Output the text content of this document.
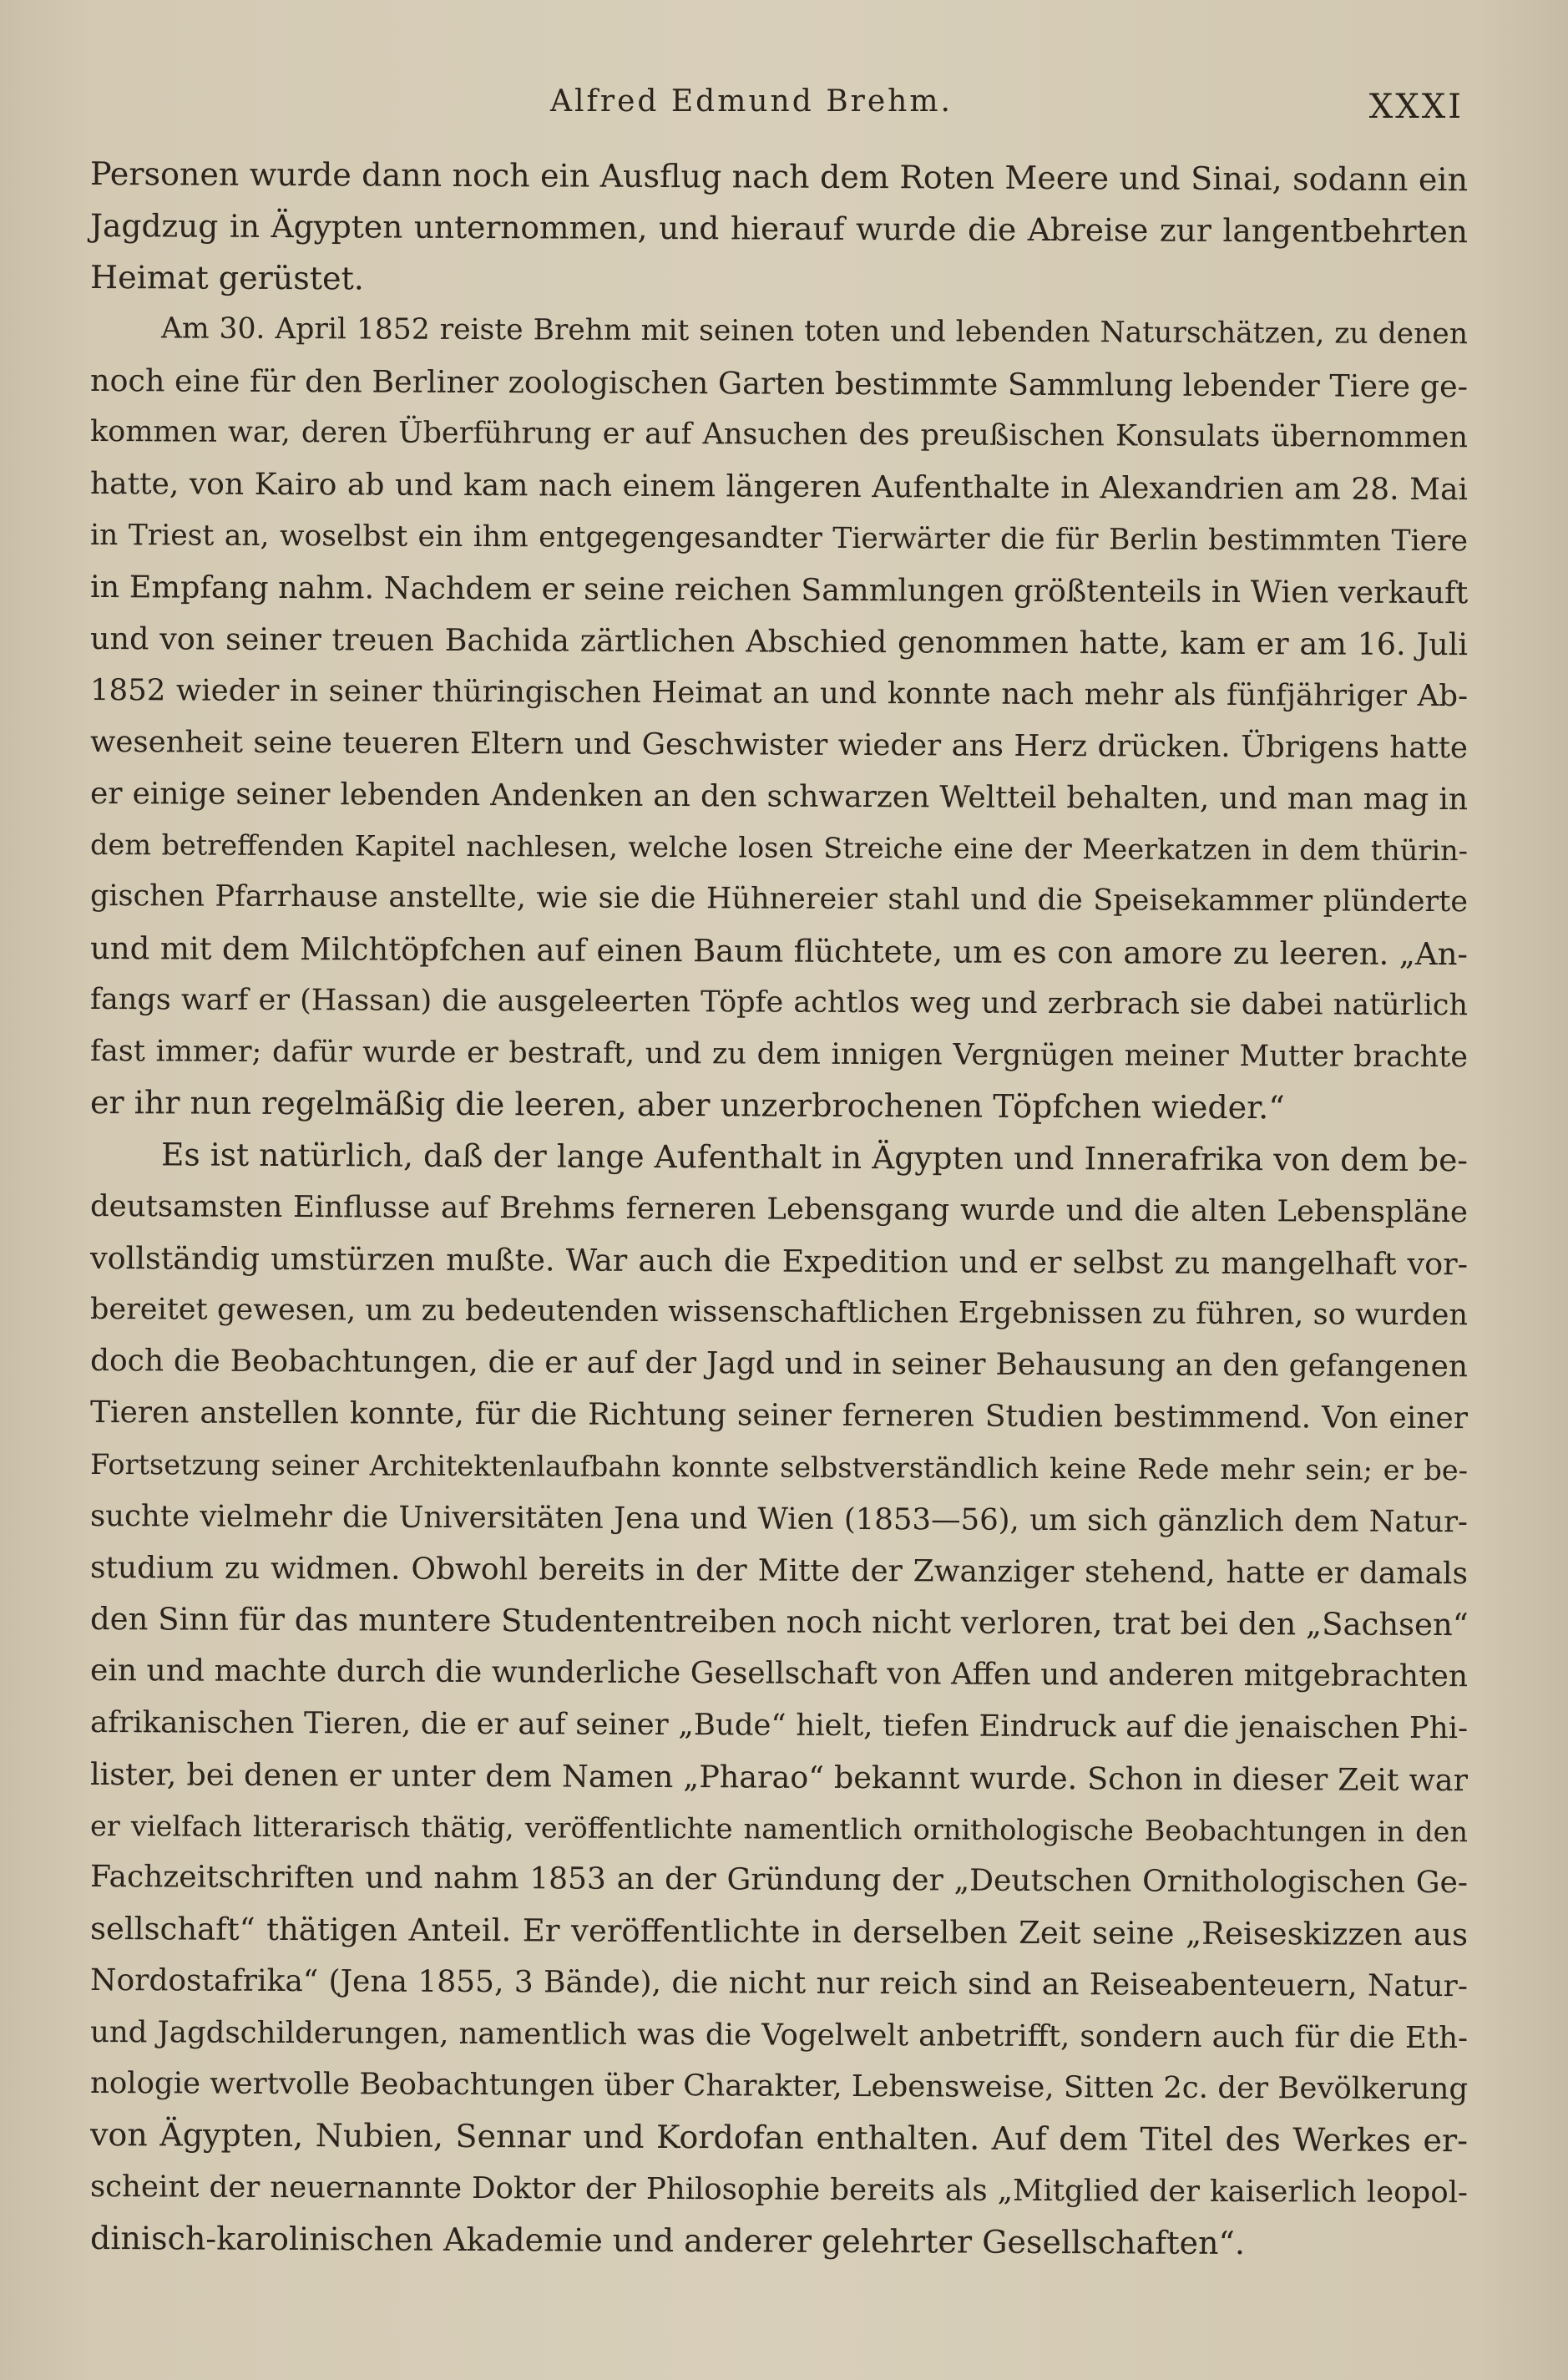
Alfred Edmund Brehm.	XXXI
Personen wurde dann noch ein Ausflug nach dem Roten Meere und Sinai, sodann ein
Jagdzug in Ägypten unternommen, und hierauf wurde die Abreise zur langentbehrten
Heimat gerüstet.
Am 30. April 1852 reiste Brehm mit seinen toten und lebenden Naturschätzen, zu denen
noch eine für den Berliner zoologischen Garten bestimmte Sammlung lebender Tiere ge-
kommen war, deren Überführung er auf Ansuchen des preußischen Konsulats übernommen
hatte, von Kairo ab und kam nach einem längeren Aufenthalte in Alexandrien am 28. Mai
in Triest an, woselbst ein ihm entgegengesandter Tierwärter die für Berlin bestimmten Tiere
in Empfang nahm. Nachdem er seine reichen Sammlungen größtenteils in Wien verkauft
und von seiner treuen Bachida zärtlichen Abschied genommen hatte, kam er am 16. Juli
1852 wieder in seiner thüringischen Heimat an und konnte nach mehr als fünfjähriger Ab-
wesenheit seine teueren Eltern und Geschwister wieder ans Herz drücken. Übrigens hatte
er einige seiner lebenden Andenken an den schwarzen Weltteil behalten, und man mag in
dem betreffenden Kapitel nachlesen, welche losen Streiche eine der Meerkatzen in dem thürin-
gischen Pfarrhause anstellte, wie sie die Hühnereier stahl und die Speisekammer plünderte
und mit dem Milchtöpfchen auf einen Baum flüchtete, um es con amore zu leeren. „An-
fangs warf er (Hassan) die ausgeleerten Töpfe achtlos weg und zerbrach sie dabei natürlich
fast immer; dafür wurde er bestraft, und zu dem innigen Vergnügen meiner Mutter brachte
er ihr nun regelmäßig die leeren, aber unzerbrochenen Töpfchen wieder.“
Es ist natürlich, daß der lange Aufenthalt in Ägypten und Innerafrika von dem be-
deutsamsten Einflusse auf Brehms ferneren Lebensgang wurde und die alten Lebenspläne
vollständig umstürzen mußte. War auch die Expedition und er selbst zu mangelhaft vor-
bereitet gewesen, um zu bedeutenden wissenschaftlichen Ergebnissen zu führen, so wurden
doch die Beobachtungen, die er auf der Jagd und in seiner Behausung an den gefangenen
Tieren anstellen konnte, für die Richtung seiner ferneren Studien bestimmend. Von einer
Fortsetzung seiner Architektenlaufbahn konnte selbstverständlich keine Rede mehr sein; er be-
suchte vielmehr die Universitäten Jena und Wien (1853—56), um sich gänzlich dem Natur-
studium zu widmen. Obwohl bereits in der Mitte der Zwanziger stehend, hatte er damals
den Sinn für das muntere Studententreiben noch nicht verloren, trat bei den „Sachsen“
ein und machte durch die wunderliche Gesellschaft von Affen und anderen mitgebrachten
afrikanischen Tieren, die er auf seiner „Bude“ hielt, tiefen Eindruck auf die jenaischen Phi-
lister, bei denen er unter dem Namen „Pharao“ bekannt wurde. Schon in dieser Zeit war
er vielfach litterarisch thätig, veröffentlichte namentlich ornithologische Beobachtungen in den
Fachzeitschriften und nahm 1853 an der Gründung der „Deutschen Ornithologischen Ge-
sellschaft“ thätigen Anteil. Er veröffentlichte in derselben Zeit seine „Reiseskizzen aus
Nordostafrika“ (Jena 1855, 3 Bände), die nicht nur reich sind an Reiseabenteuern, Natur-
und Jagdschilderungen, namentlich was die Vogelwelt anbetrifft, sondern auch für die Eth-
nologie wertvolle Beobachtungen über Charakter, Lebensweise, Sitten 2c. der Bevölkerung
von Ägypten, Nubien, Sennar und Kordofan enthalten. Auf dem Titel des Werkes er-
scheint der neuernannte Doktor der Philosophie bereits als „Mitglied der kaiserlich leopol-
dinisch-karolinischen Akademie und anderer gelehrter Gesellschaften“.
